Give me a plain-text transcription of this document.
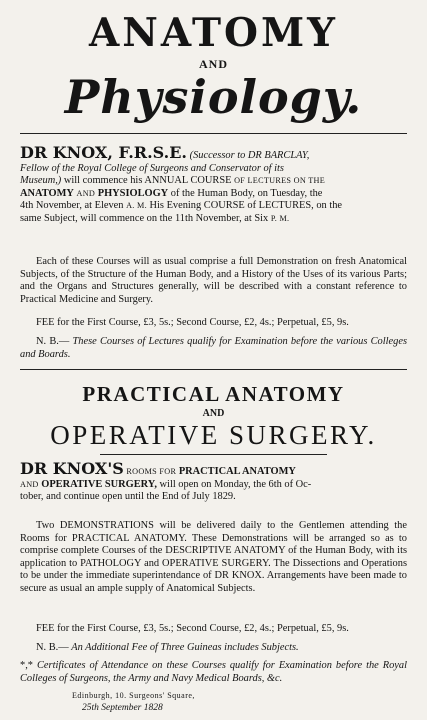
ANATOMY
AND
Physiology.

DR KNOX, F.R.S.E. (Successor to DR BARCLAY,

Fellow of the Royal College of Surgeons and Conservator of its

Museum,) will commence his ANNUAL COURSE OF LECTURES ON THE

ANATOMY AND PHYSIOLOGY of the Human Body, on Tuesday, the

4th November, at Eleven A. M. His Evening COURSE of LECTURES, on the

same Subject, will commence on the 11th November, at Six P. M.

Each of these Courses will as usual comprise a full Demonstration on fresh Anatomical Subjects, of the Structure of the Human Body, and a History of the Uses of its various Parts; and the Organs and Structures generally, will be described with a constant reference to Practical Medicine and Surgery.

FEE for the First Course, £3, 5s.; Second Course, £2, 4s.; Perpetual, £5, 9s.

N. B.— These Courses of Lectures qualify for Examination before the various Colleges and Boards.

PRACTICAL ANATOMY
AND
OPERATIVE SURGERY.

DR KNOX'S ROOMS FOR PRACTICAL ANATOMY

AND OPERATIVE SURGERY, will open on Monday, the 6th of Oc-

tober, and continue open until the End of July 1829.

Two DEMONSTRATIONS will be delivered daily to the Gentlemen attending the Rooms for PRACTICAL ANATOMY. These Demonstrations will be arranged so as to comprise complete Courses of the DESCRIPTIVE ANATOMY of the Human Body, with its application to PATHOLOGY and OPERATIVE SURGERY. The Dissections and Operations to be under the immediate superintendance of DR KNOX. Arrangements have been made to secure as usual an ample supply of Anatomical Subjects.

FEE for the First Course, £3, 5s.; Second Course, £2, 4s.; Perpetual, £5, 9s.

N. B.— An Additional Fee of Three Guineas includes Subjects.

*,* Certificates of Attendance on these Courses qualify for Examination before the Royal Colleges of Surgeons, the Army and Navy Medical Boards, &c.

Edinburgh, 10. Surgeons' Square,
25th September 1828
